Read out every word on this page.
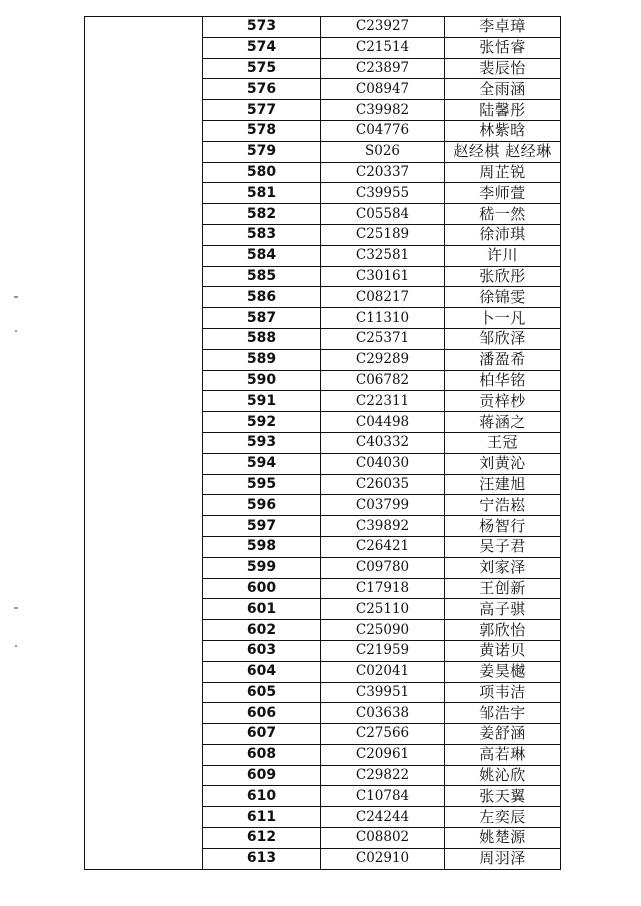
	573	C23927	李卓璋
	574	C21514	张恬睿
	575	C23897	裴辰怡
	576	C08947	全雨涵
	577	C39982	陆馨彤
	578	C04776	林紫晗
	579	S026	赵经棋 赵经琳
	580	C20337	周芷锐
	581	C39955	李师萱
	582	C05584	嵇一然
	583	C25189	徐沛琪
	584	C32581	许川
	585	C30161	张欣彤
	586	C08217	徐锦雯
	587	C11310	卜一凡
	588	C25371	邹欣泽
	589	C29289	潘盈希
	590	C06782	柏华铭
	591	C22311	贡梓杪
	592	C04498	蒋涵之
	593	C40332	王冠
	594	C04030	刘黄沁
	595	C26035	汪建旭
	596	C03799	宁浩崧
	597	C39892	杨智行
	598	C26421	吴子君
	599	C09780	刘家泽
	600	C17918	王创新
	601	C25110	高子骐
	602	C25090	郭欣怡
	603	C21959	黄诺贝
	604	C02041	姜昊樾
	605	C39951	项韦洁
	606	C03638	邹浩宇
	607	C27566	姜舒涵
	608	C20961	高若琳
	609	C29822	姚沁欣
	610	C10784	张天翼
	611	C24244	左奕辰
	612	C08802	姚楚源
	613	C02910	周羽泽
